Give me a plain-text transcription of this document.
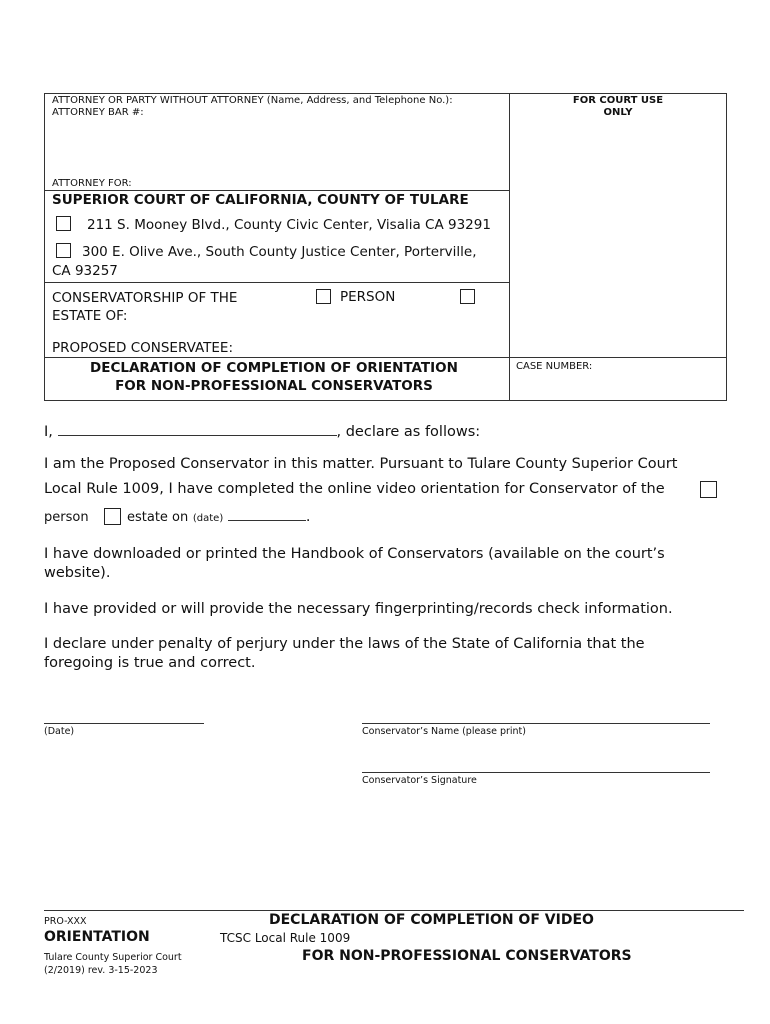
ATTORNEY OR PARTY WITHOUT ATTORNEY (Name, Address, and Telephone No.):
ATTORNEY BAR #:
FOR COURT USE
ONLY
ATTORNEY FOR:
SUPERIOR COURT OF CALIFORNIA, COUNTY OF TULARE
211 S. Mooney Blvd., County Civic Center, Visalia CA 93291
300 E. Olive Ave., South County Justice Center, Porterville,
CA 93257
CONSERVATORSHIP OF THE
ESTATE OF:
PERSON
PROPOSED CONSERVATEE:
DECLARATION OF COMPLETION OF ORIENTATION
FOR NON-PROFESSIONAL CONSERVATORS
CASE NUMBER:
I,	, declare as follows:
I am the Proposed Conservator in this matter. Pursuant to Tulare County Superior Court
Local Rule 1009, I have completed the online video orientation for Conservator of the
person	estate on (date)	.
I have downloaded or printed the Handbook of Conservators (available on the court’s
website).
I have provided or will provide the necessary fingerprinting/records check information.
I declare under penalty of perjury under the laws of the State of California that the
foregoing is true and correct.
(Date)	Conservator’s Name (please print)
Conservator’s Signature
PRO-XXX
ORIENTATION
Tulare County Superior Court
(2/2019) rev. 3-15-2023
DECLARATION OF COMPLETION OF VIDEO
TCSC Local Rule 1009
FOR NON-PROFESSIONAL CONSERVATORS
